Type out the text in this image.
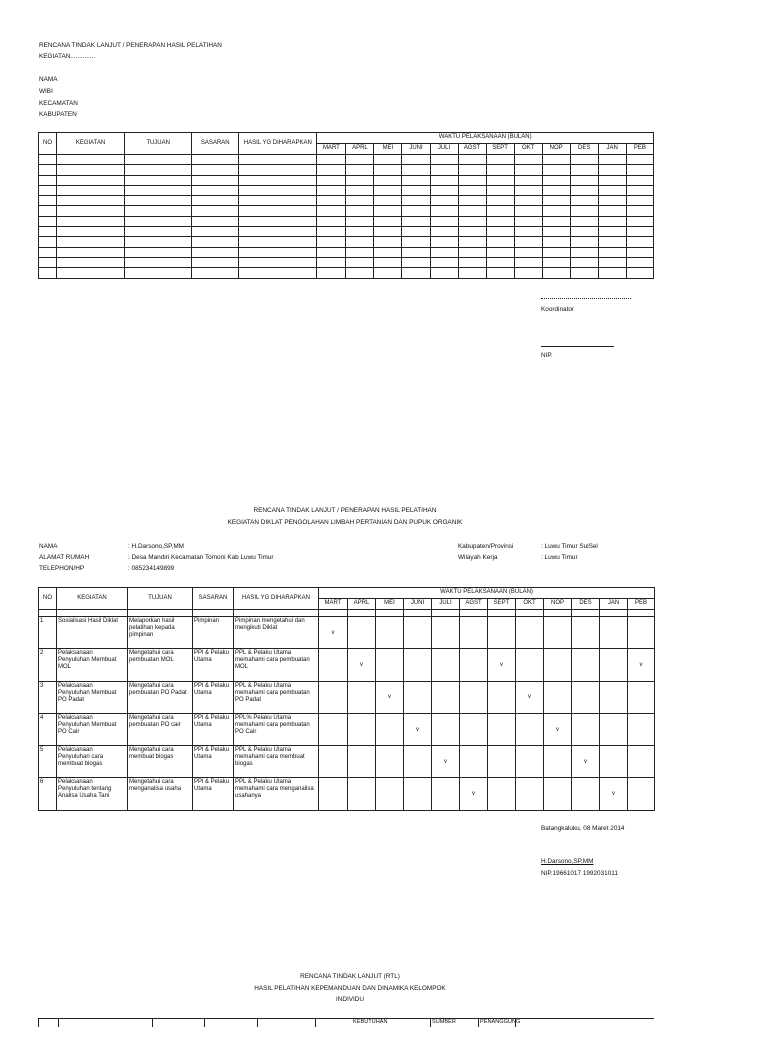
RENCANA TINDAK LANJUT / PENERAPAN HASIL PELATIHAN
KEGIATAN..............
NAMA
WIBI
KECAMATAN
KABUPATEN
NO	KEGIATAN	TUJUAN	SASARAN	HASIL YG DIHARAPKAN	WAKTU PELAKSANAAN (BULAN)											
					MART	APRL	MEI	JUNI	JULI	AGST	SEPT	OKT	NOP	DES	JAN	PEB

Koordinator
NIP.
RENCANA TINDAK LANJUT / PENERAPAN HASIL PELATIHAN
KEGIATAN DIKLAT PENGOLAHAN LIMBAH PERTANIAN DAN PUPUK ORGANIK
NAMA	: H.Darsono,SP,MM
ALAMAT RUMAH	: Desa Mandiri Kecamatan Tomoni Kab Luwu Timur
TELEPHON/HP	: 085234149899
Kabupaten/Provinsi	: Luwu Timur SulSel
Wilayah Kerja	: Luwu Timur
NO	KEGIATAN	TUJUAN	SASARAN	HASIL YG DIHARAPKAN	WAKTU PELAKSANAAN (BULAN)											
					MART	APRL	MEI	JUNI	JULI	AGST	SEPT	OKT	NOP	DES	JAN	PEB

1	Sosialisasi Hasil Diklat	Melaporkan hasil pelatihan kepada pimpinan	Pimpinan	Pimpinan mengetahui dan mengikuti Diklat	v											
2	Pelaksanaan Penyuluhan Membuat MOL	Mengetahui cara pembuatan MOL	PPl & Pelaku Utama	PPL & Pelaku Utama memahami cara pembuatan MOL		v					v					v
3	Pelaksanaan Penyuluhan Membuat PO Padat	Mengetahui cara pembuatan PO Padat	PPl & Pelaku Utama	PPL & Pelaku Utama memahami cara pembuatan PO Padat			v					v				
4	Pelaksanaan Penyuluhan Membuat PO Cair	Mengetahui cara pembuatan PO cair	PPl & Pelaku Utama	PPL% Pelaku Utama memahami cara pembuatan PO Cair				v					v			
5	Pelaksanaan Penyuluhan cara membuat biogas	Mengetahui cara membuat biogas	PPl & Pelaku Utama	PPL & Pelaku Utama memahami cara membuat biogas					v					v		
6	Pelaksanaan Penyuluhan tentang Analisa Usaha Tani	Mengetahui cara menganalisa usaha	PPl & Pelaku Utama	PPL & Pelaku Utama memahami cara menganalisa usahanya						v					v	
Batangkaluku, 08 Maret 2014
H.Darsono,SP,MM
NIP.19661017 1992031011
RENCANA TINDAK LANJUT (RTL)
HASIL PELATIHAN KEPEMANDUAN DAN DINAMIKA KELOMPOK
INDIVIDU
KEBUTUHAN	SUMBER	PENANGGUNG
